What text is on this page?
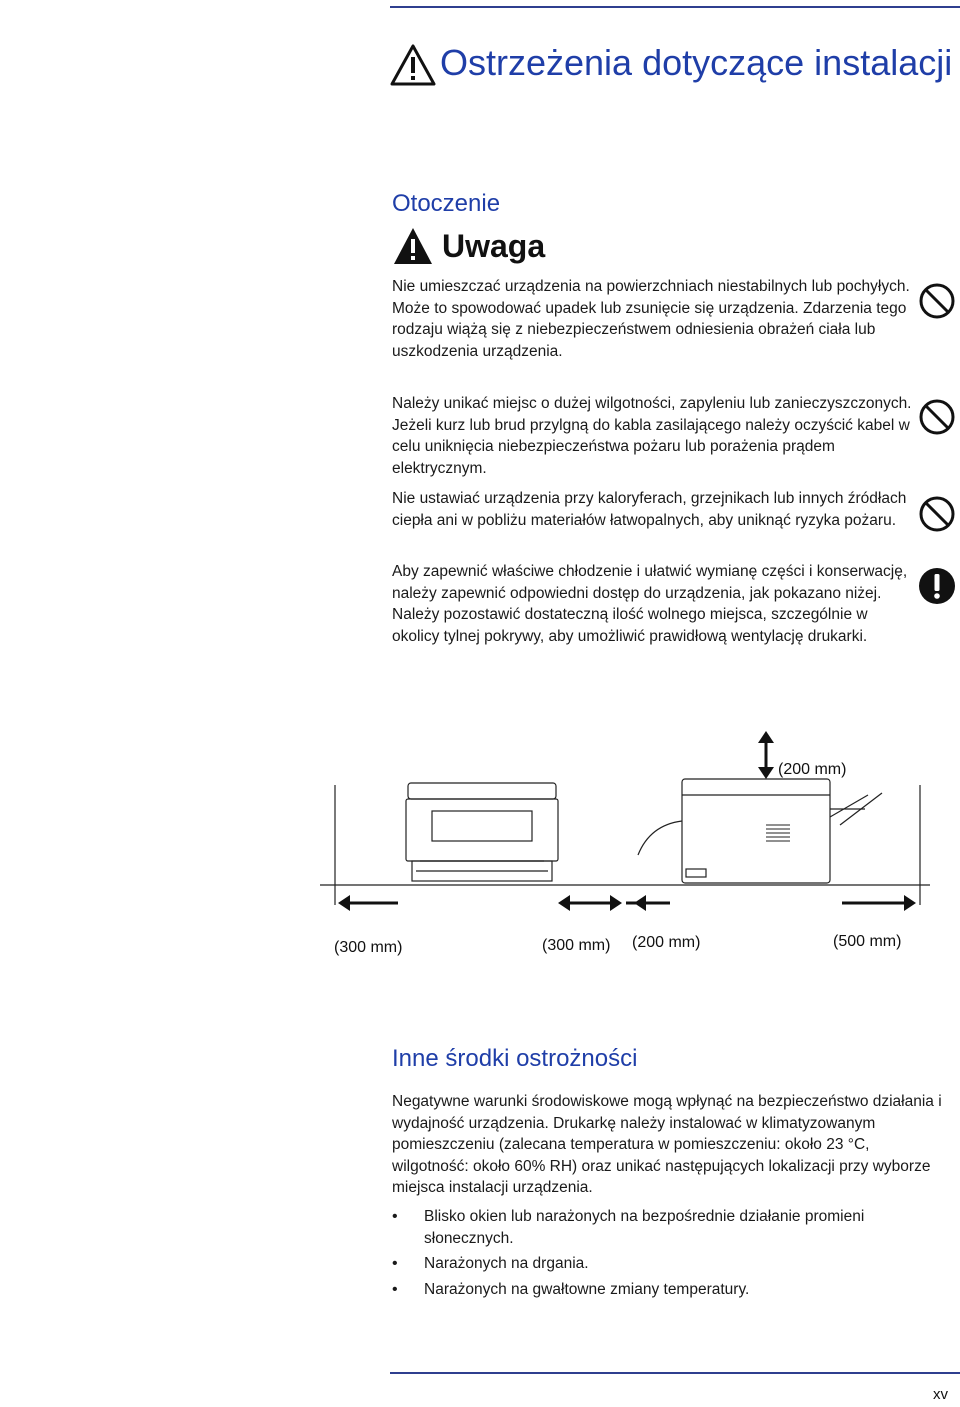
Ostrzeżenia dotyczące instalacji
Otoczenie
Uwaga

Nie umieszczać urządzenia na powierzchniach niestabilnych lub pochyłych. Może to spowodować upadek lub zsunięcie się urządzenia. Zdarzenia tego rodzaju wiążą się z niebezpieczeństwem odniesienia obrażeń ciała lub uszkodzenia urządzenia.

Należy unikać miejsc o dużej wilgotności, zapyleniu lub zanieczyszczonych. Jeżeli kurz lub brud przylgną do kabla zasilającego należy oczyścić kabel w celu uniknięcia niebezpieczeństwa pożaru lub porażenia prądem elektrycznym.

Nie ustawiać urządzenia przy kaloryferach, grzejnikach lub innych źródłach ciepła ani w pobliżu materiałów łatwopalnych, aby uniknąć ryzyka pożaru.

Aby zapewnić właściwe chłodzenie i ułatwić wymianę części i konserwację, należy zapewnić odpowiedni dostęp do urządzenia, jak pokazano niżej. Należy pozostawić dostateczną ilość wolnego miejsca, szczególnie w okolicy tylnej pokrywy, aby umożliwić prawidłową wentylację drukarki.

(200 mm)
(300 mm)	(300 mm) (200 mm)	(500 mm)
Inne środki ostrożności

Negatywne warunki środowiskowe mogą wpłynąć na bezpieczeństwo działania i wydajność urządzenia. Drukarkę należy instalować w klimatyzowanym pomieszczeniu (zalecana temperatura w pomieszczeniu: około 23 °C, wilgotność: około 60% RH) oraz unikać następujących lokalizacji przy wyborze miejsca instalacji urządzenia.

• Blisko okien lub narażonych na bezpośrednie działanie promieni słonecznych.
• Narażonych na drgania.
• Narażonych na gwałtowne zmiany temperatury.
xv
